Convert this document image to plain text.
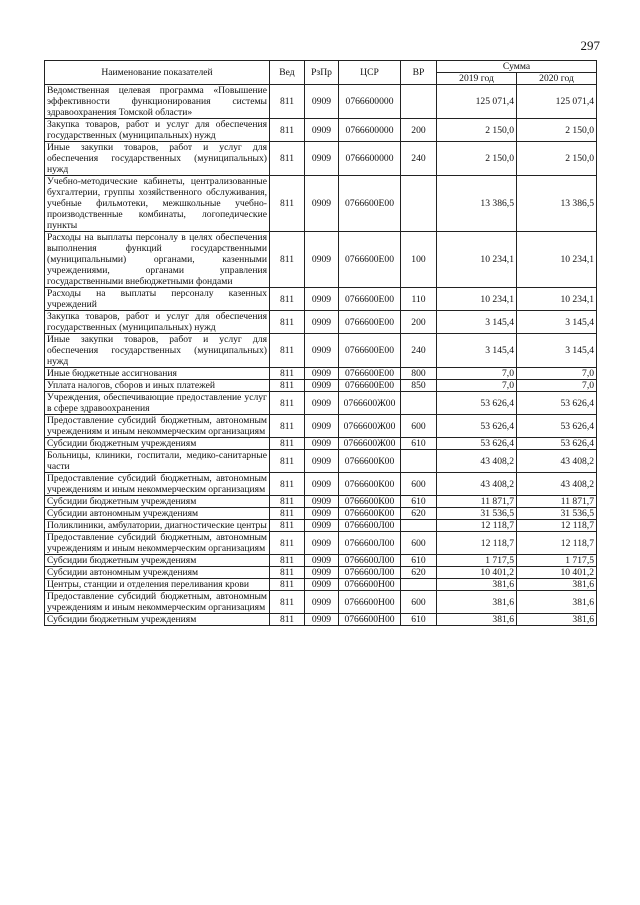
297
Наименование показателей	Вед	РзПр	ЦСР	ВР	Сумма	
					2019 год	2020 год
Ведомственная целевая программа «Повышение эффективности функционирования системы здравоохранения Томской области»	811	0909	0766600000		125 071,4	125 071,4
Закупка товаров, работ и услуг для обеспечения государственных (муниципальных) нужд	811	0909	0766600000	200	2 150,0	2 150,0
Иные закупки товаров, работ и услуг для обеспечения государственных (муниципальных) нужд	811	0909	0766600000	240	2 150,0	2 150,0
Учебно-методические кабинеты, централизованные бухгалтерии, группы хозяйственного обслуживания, учебные фильмотеки, межшкольные учебно-производственные комбинаты, логопедические пункты	811	0909	0766600Е00		13 386,5	13 386,5
Расходы на выплаты персоналу в целях обеспечения выполнения функций государственными (муниципальными) органами, казенными учреждениями, органами управления государственными внебюджетными фондами	811	0909	0766600Е00	100	10 234,1	10 234,1
Расходы на выплаты персоналу казенных учреждений	811	0909	0766600Е00	110	10 234,1	10 234,1
Закупка товаров, работ и услуг для обеспечения государственных (муниципальных) нужд	811	0909	0766600Е00	200	3 145,4	3 145,4
Иные закупки товаров, работ и услуг для обеспечения государственных (муниципальных) нужд	811	0909	0766600Е00	240	3 145,4	3 145,4
Иные бюджетные ассигнования	811	0909	0766600Е00	800	7,0	7,0
Уплата налогов, сборов и иных платежей	811	0909	0766600Е00	850	7,0	7,0
Учреждения, обеспечивающие предоставление услуг в сфере здравоохранения	811	0909	0766600Ж00		53 626,4	53 626,4
Предоставление субсидий бюджетным, автономным учреждениям и иным некоммерческим организациям	811	0909	0766600Ж00	600	53 626,4	53 626,4
Субсидии бюджетным учреждениям	811	0909	0766600Ж00	610	53 626,4	53 626,4
Больницы, клиники, госпитали, медико-санитарные части	811	0909	0766600К00		43 408,2	43 408,2
Предоставление субсидий бюджетным, автономным учреждениям и иным некоммерческим организациям	811	0909	0766600К00	600	43 408,2	43 408,2
Субсидии бюджетным учреждениям	811	0909	0766600К00	610	11 871,7	11 871,7
Субсидии автономным учреждениям	811	0909	0766600К00	620	31 536,5	31 536,5
Поликлиники, амбулатории, диагностические центры	811	0909	0766600Л00		12 118,7	12 118,7
Предоставление субсидий бюджетным, автономным учреждениям и иным некоммерческим организациям	811	0909	0766600Л00	600	12 118,7	12 118,7
Субсидии бюджетным учреждениям	811	0909	0766600Л00	610	1 717,5	1 717,5
Субсидии автономным учреждениям	811	0909	0766600Л00	620	10 401,2	10 401,2
Центры, станции и отделения переливания крови	811	0909	0766600Н00		381,6	381,6
Предоставление субсидий бюджетным, автономным учреждениям и иным некоммерческим организациям	811	0909	0766600Н00	600	381,6	381,6
Субсидии бюджетным учреждениям	811	0909	0766600Н00	610	381,6	381,6
